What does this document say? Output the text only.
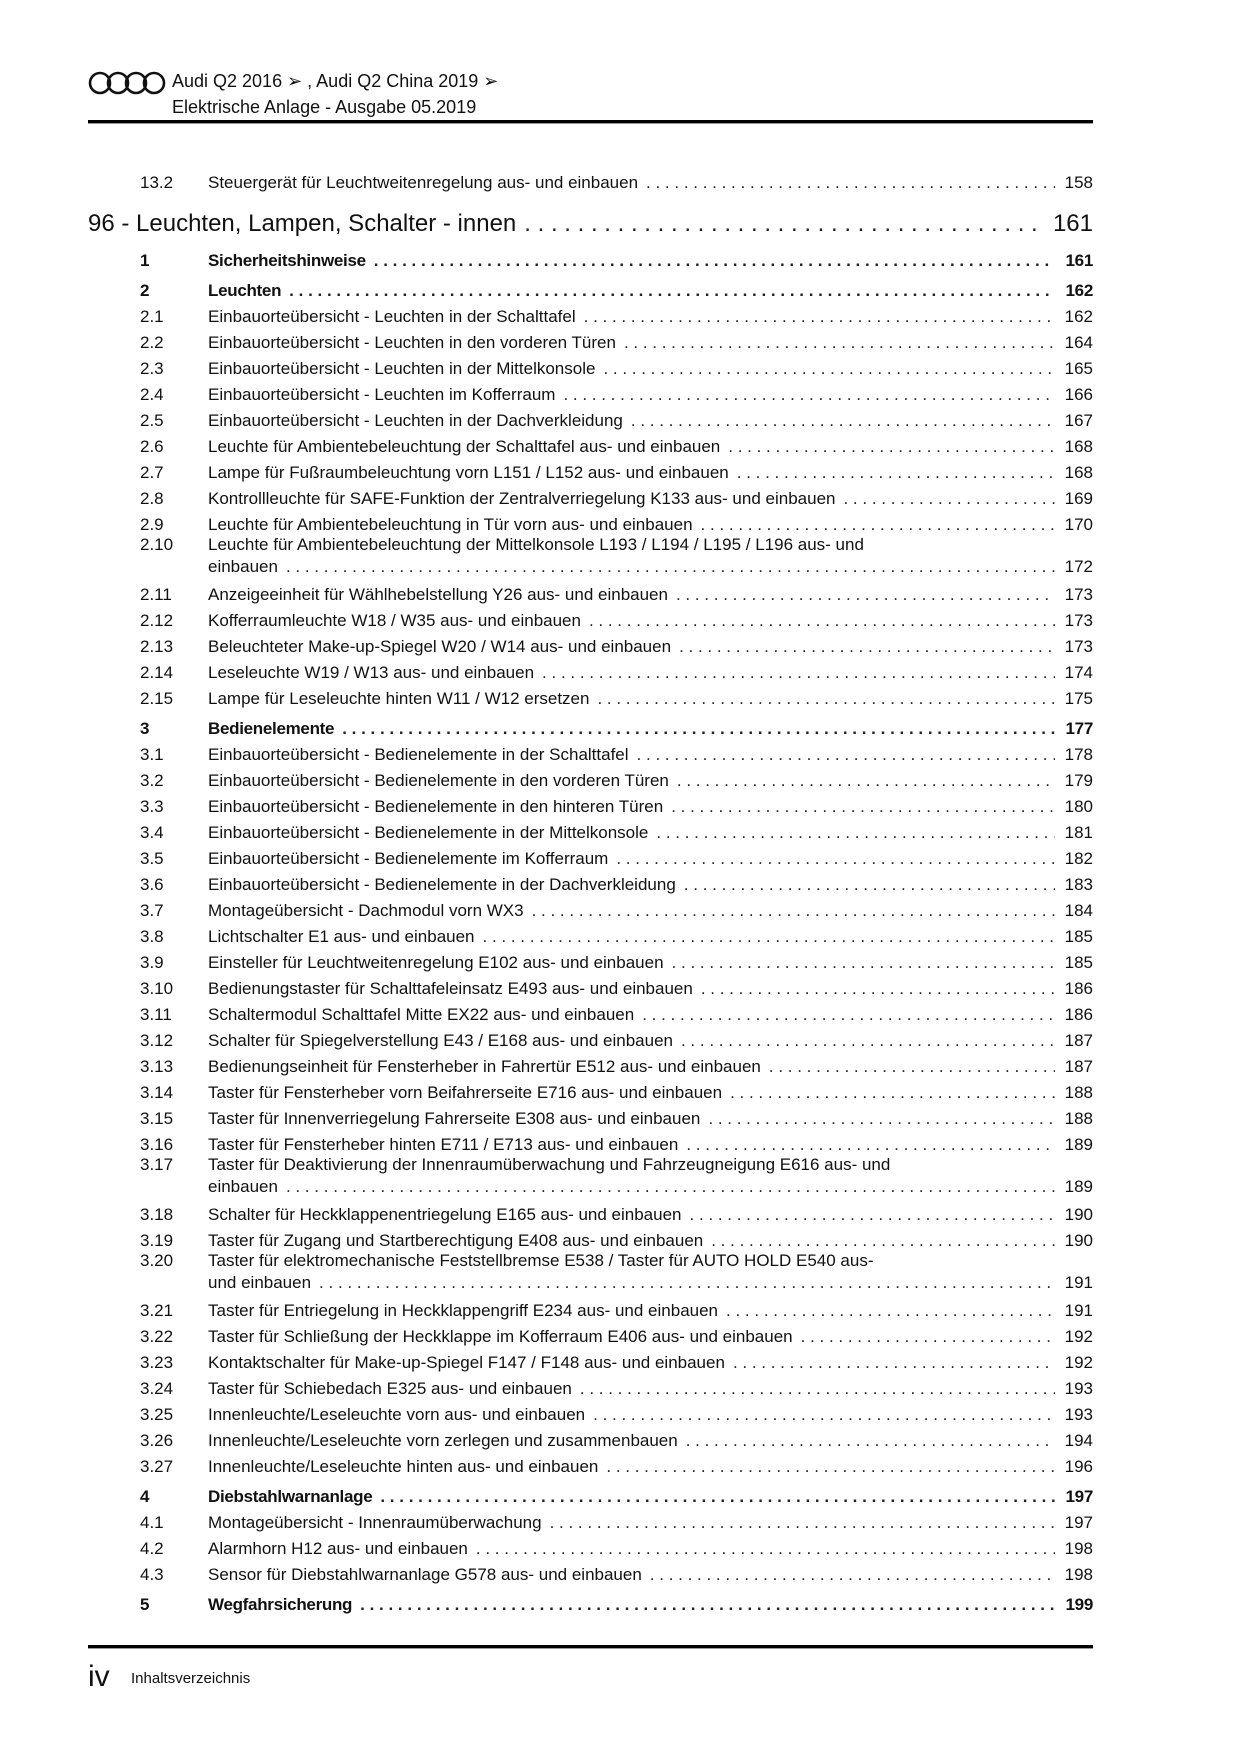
Audi Q2 2016 ➢ , Audi Q2 China 2019 ➢
Elektrische Anlage - Ausgabe 05.2019
13.2 Steuergerät für Leuchtweitenregelung aus- und einbauen . . .	158
96 - Leuchten, Lampen, Schalter - innen . . .	161
1	Sicherheitshinweise . . .	161
2	Leuchten . . .	162
2.1	Einbauorteübersicht - Leuchten in der Schalttafel . . .	162
2.2	Einbauorteübersicht - Leuchten in den vorderen Türen . . .	164
2.3	Einbauorteübersicht - Leuchten in der Mittelkonsole . . .	165
2.4	Einbauorteübersicht - Leuchten im Kofferraum . . .	166
2.5	Einbauorteübersicht - Leuchten in der Dachverkleidung . . .	167
2.6	Leuchte für Ambientebeleuchtung der Schalttafel aus- und einbauen . . .	168
2.7	Lampe für Fußraumbeleuchtung vorn L151 / L152 aus- und einbauen . . .	168
2.8	Kontrollleuchte für SAFE-Funktion der Zentralverriegelung K133 aus- und einbauen . . .	169
2.9	Leuchte für Ambientebeleuchtung in Tür vorn aus- und einbauen . . .	170
2.10 Leuchte für Ambientebeleuchtung der Mittelkonsole L193 / L194 / L195 / L196 aus- und
einbauen . . .	172
2.11 Anzeigeeinheit für Wählhebelstellung Y26 aus- und einbauen . . .	173
2.12 Kofferraumleuchte W18 / W35 aus- und einbauen . . .	173
2.13 Beleuchteter Make-up-Spiegel W20 / W14 aus- und einbauen . . .	173
2.14 Leseleuchte W19 / W13 aus- und einbauen . . .	174
2.15 Lampe für Leseleuchte hinten W11 / W12 ersetzen . . .	175
3	Bedienelemente . . .	177
3.1	Einbauorteübersicht - Bedienelemente in der Schalttafel . . .	178
3.2	Einbauorteübersicht - Bedienelemente in den vorderen Türen . . .	179
3.3	Einbauorteübersicht - Bedienelemente in den hinteren Türen . . .	180
3.4	Einbauorteübersicht - Bedienelemente in der Mittelkonsole . . .	181
3.5	Einbauorteübersicht - Bedienelemente im Kofferraum . . .	182
3.6	Einbauorteübersicht - Bedienelemente in der Dachverkleidung . . .	183
3.7	Montageübersicht - Dachmodul vorn WX3 . . .	184
3.8	Lichtschalter E1 aus- und einbauen . . .	185
3.9	Einsteller für Leuchtweitenregelung E102 aus- und einbauen . . .	185
3.10 Bedienungstaster für Schalttafeleinsatz E493 aus- und einbauen . . .	186
3.11 Schaltermodul Schalttafel Mitte EX22 aus- und einbauen . . .	186
3.12 Schalter für Spiegelverstellung E43 / E168 aus- und einbauen . . .	187
3.13 Bedienungseinheit für Fensterheber in Fahrertür E512 aus- und einbauen . . .	187
3.14 Taster für Fensterheber vorn Beifahrerseite E716 aus- und einbauen . . .	188
3.15 Taster für Innenverriegelung Fahrerseite E308 aus- und einbauen . . .	188
3.16 Taster für Fensterheber hinten E711 / E713 aus- und einbauen . . .	189
3.17 Taster für Deaktivierung der Innenraumüberwachung und Fahrzeugneigung E616 aus- und
einbauen . . .	189
3.18 Schalter für Heckklappenentriegelung E165 aus- und einbauen . . .	190
3.19 Taster für Zugang und Startberechtigung E408 aus- und einbauen . . .	190
3.20 Taster für elektromechanische Feststellbremse E538 / Taster für AUTO HOLD E540 aus-
und einbauen . . .	191
3.21 Taster für Entriegelung in Heckklappengriff E234 aus- und einbauen . . .	191
3.22 Taster für Schließung der Heckklappe im Kofferraum E406 aus- und einbauen . . .	192
3.23 Kontaktschalter für Make-up-Spiegel F147 / F148 aus- und einbauen . . .	192
3.24 Taster für Schiebedach E325 aus- und einbauen . . .	193
3.25 Innenleuchte/Leseleuchte vorn aus- und einbauen . . .	193
3.26 Innenleuchte/Leseleuchte vorn zerlegen und zusammenbauen . . .	194
3.27 Innenleuchte/Leseleuchte hinten aus- und einbauen . . .	196
4	Diebstahlwarnanlage . . .	197
4.1	Montageübersicht - Innenraumüberwachung . . .	197
4.2	Alarmhorn H12 aus- und einbauen . . .	198
4.3	Sensor für Diebstahlwarnanlage G578 aus- und einbauen . . .	198
5	Wegfahrsicherung . . .	199
iv Inhaltsverzeichnis
